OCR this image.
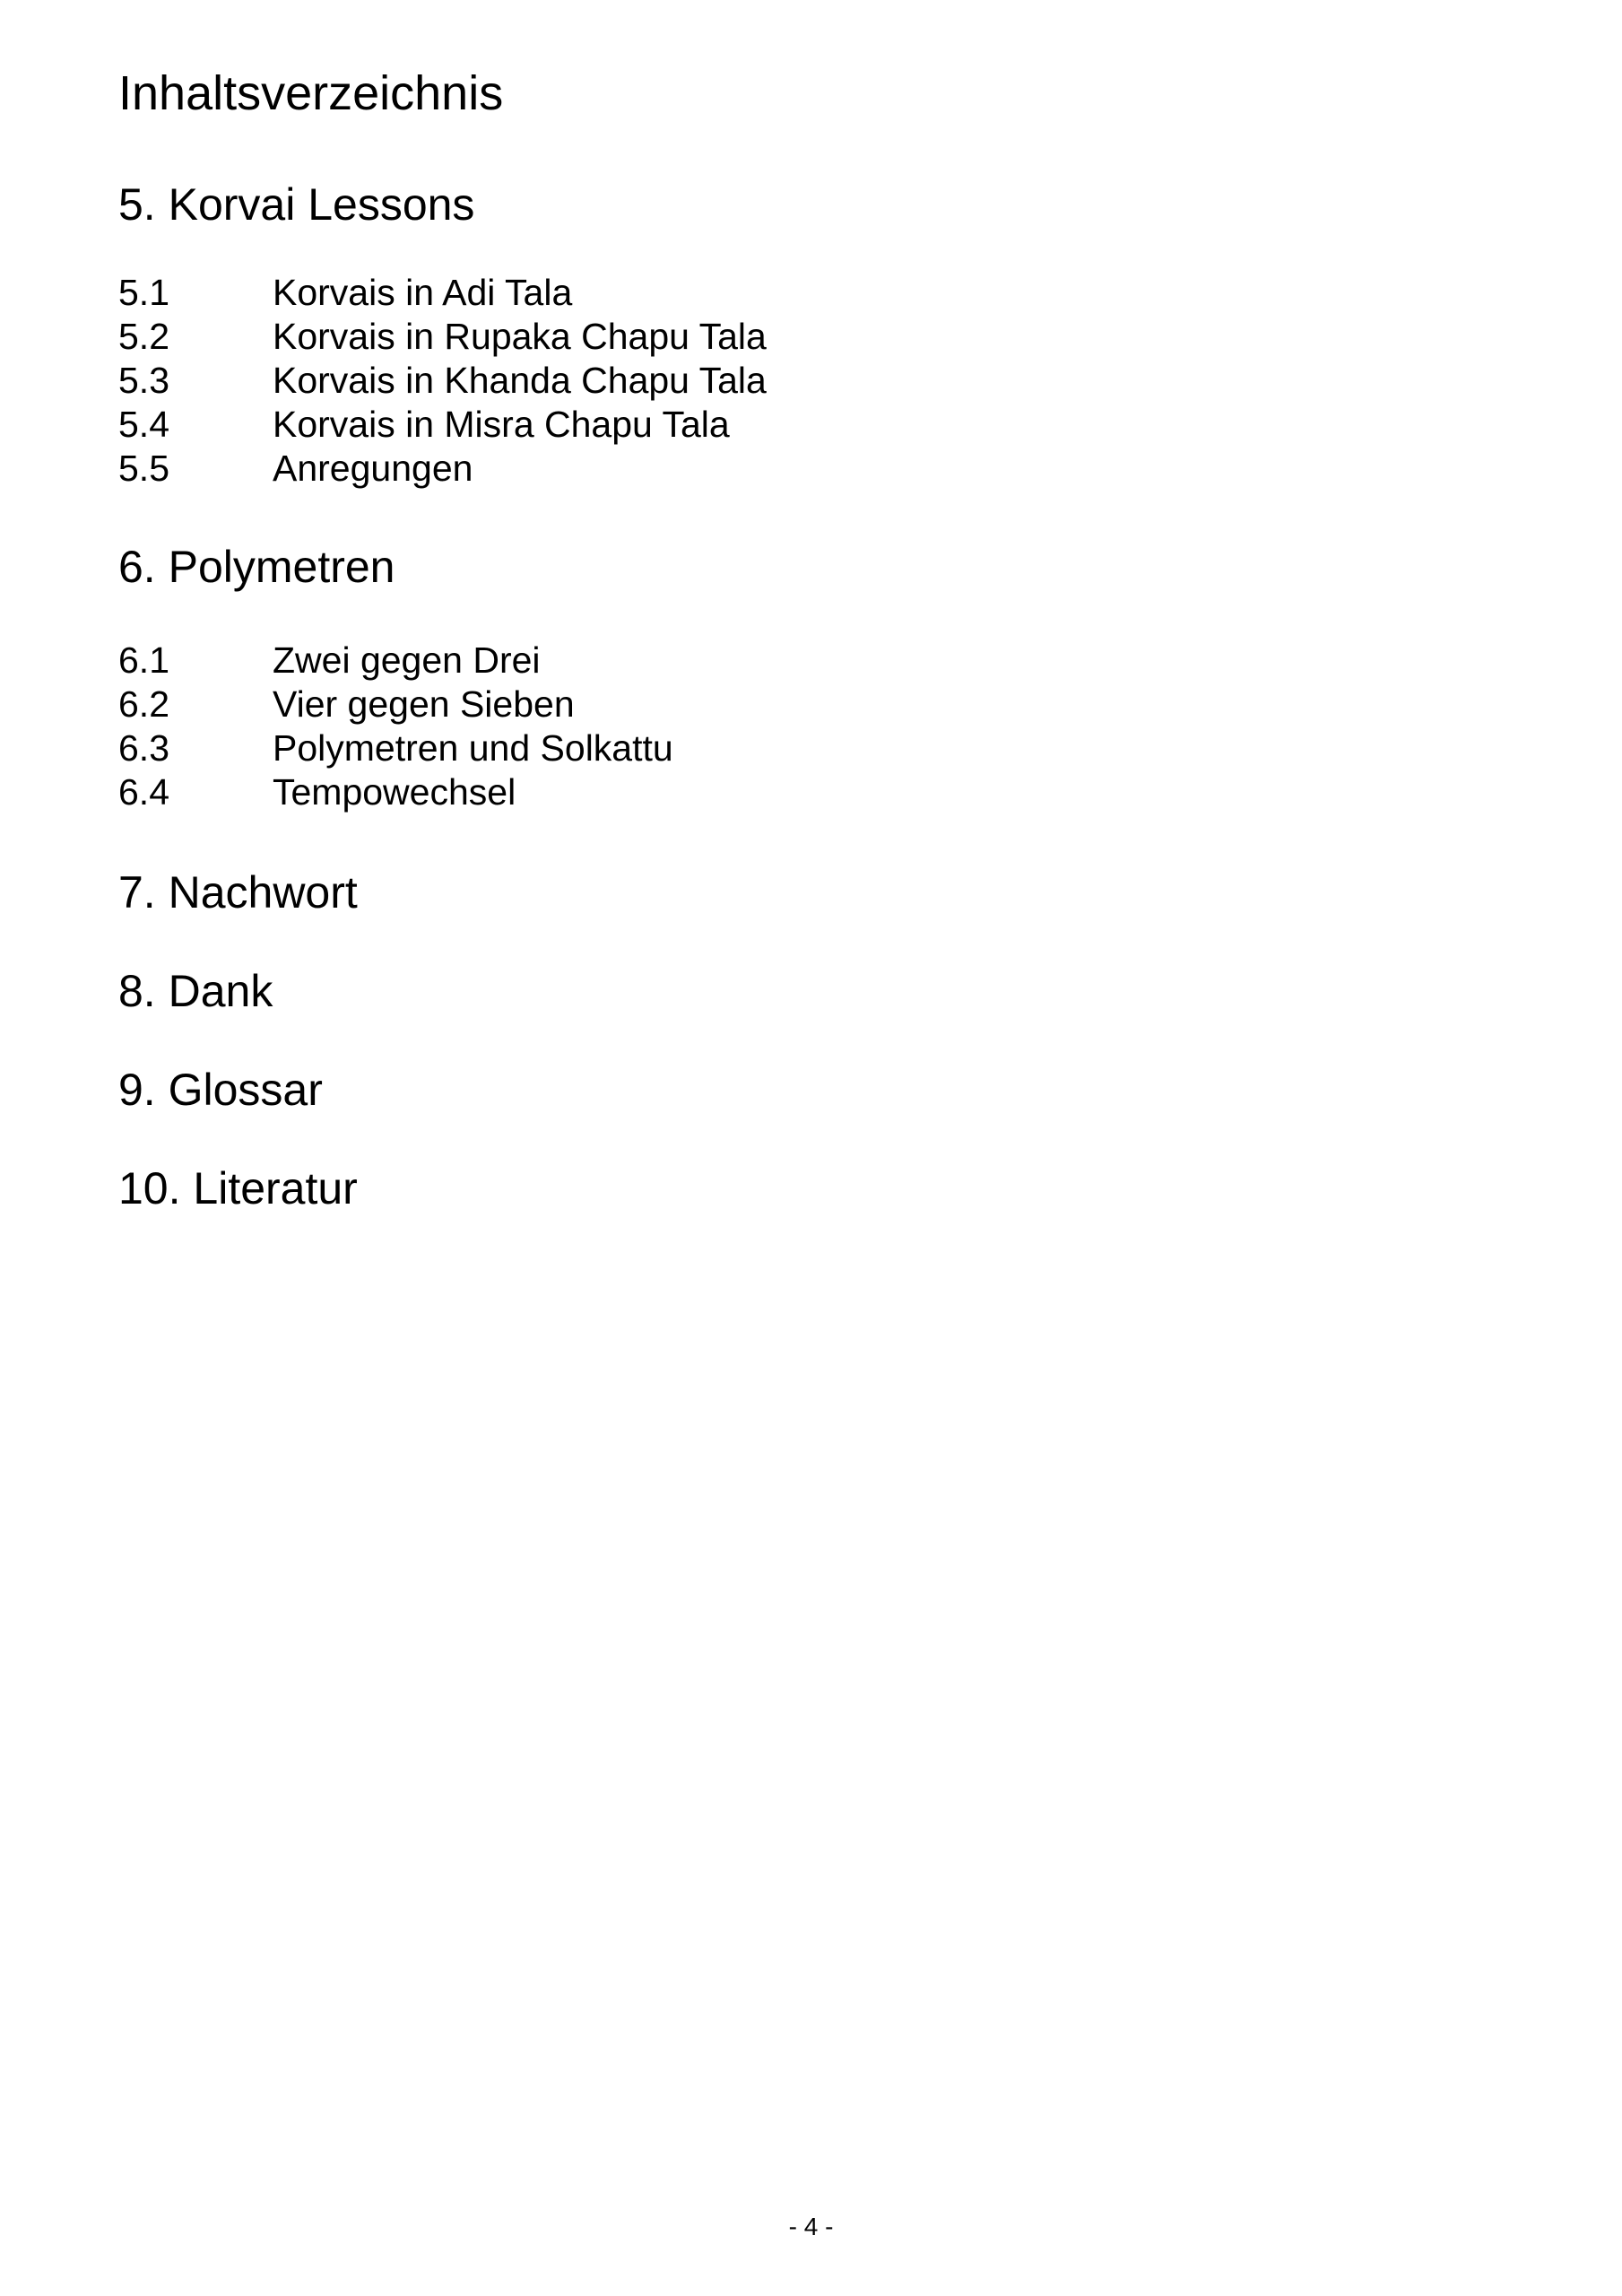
Inhaltsverzeichnis
5. Korvai Lessons
5.1	Korvais in Adi Tala
5.2	Korvais in Rupaka Chapu Tala
5.3	Korvais in Khanda Chapu Tala
5.4	Korvais in Misra Chapu Tala
5.5	Anregungen
6. Polymetren
6.1	Zwei gegen Drei
6.2	Vier gegen Sieben
6.3	Polymetren und Solkattu
6.4	Tempowechsel
7. Nachwort
8. Dank
9. Glossar
10. Literatur
- 4 -
